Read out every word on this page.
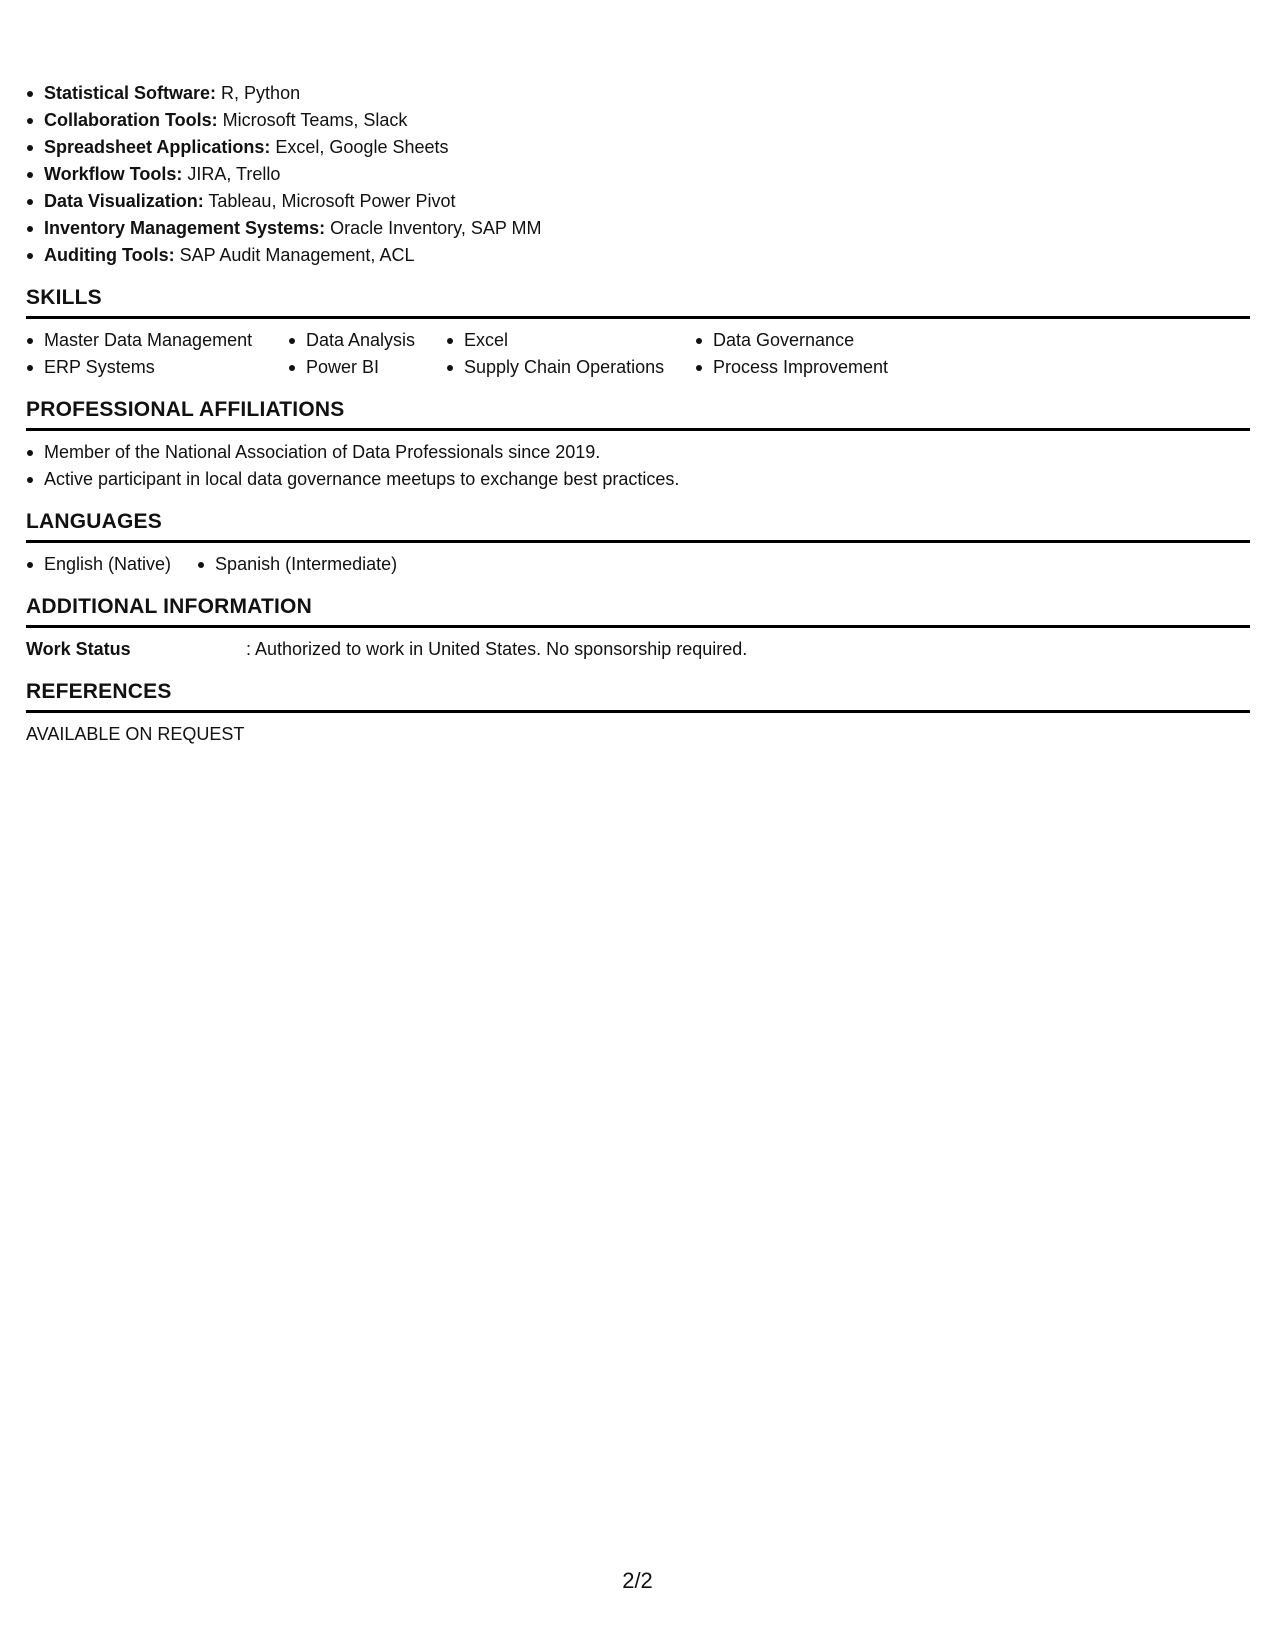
Statistical Software: R, Python
Collaboration Tools: Microsoft Teams, Slack
Spreadsheet Applications: Excel, Google Sheets
Workflow Tools: JIRA, Trello
Data Visualization: Tableau, Microsoft Power Pivot
Inventory Management Systems: Oracle Inventory, SAP MM
Auditing Tools: SAP Audit Management, ACL
SKILLS
Master Data Management	Data Analysis	Excel	Data Governance
ERP Systems	Power BI	Supply Chain Operations	Process Improvement
PROFESSIONAL AFFILIATIONS
Member of the National Association of Data Professionals since 2019.
Active participant in local data governance meetups to exchange best practices.
LANGUAGES
English (Native)	Spanish (Intermediate)
ADDITIONAL INFORMATION
Work Status	: Authorized to work in United States. No sponsorship required.
REFERENCES
AVAILABLE ON REQUEST
2/2
